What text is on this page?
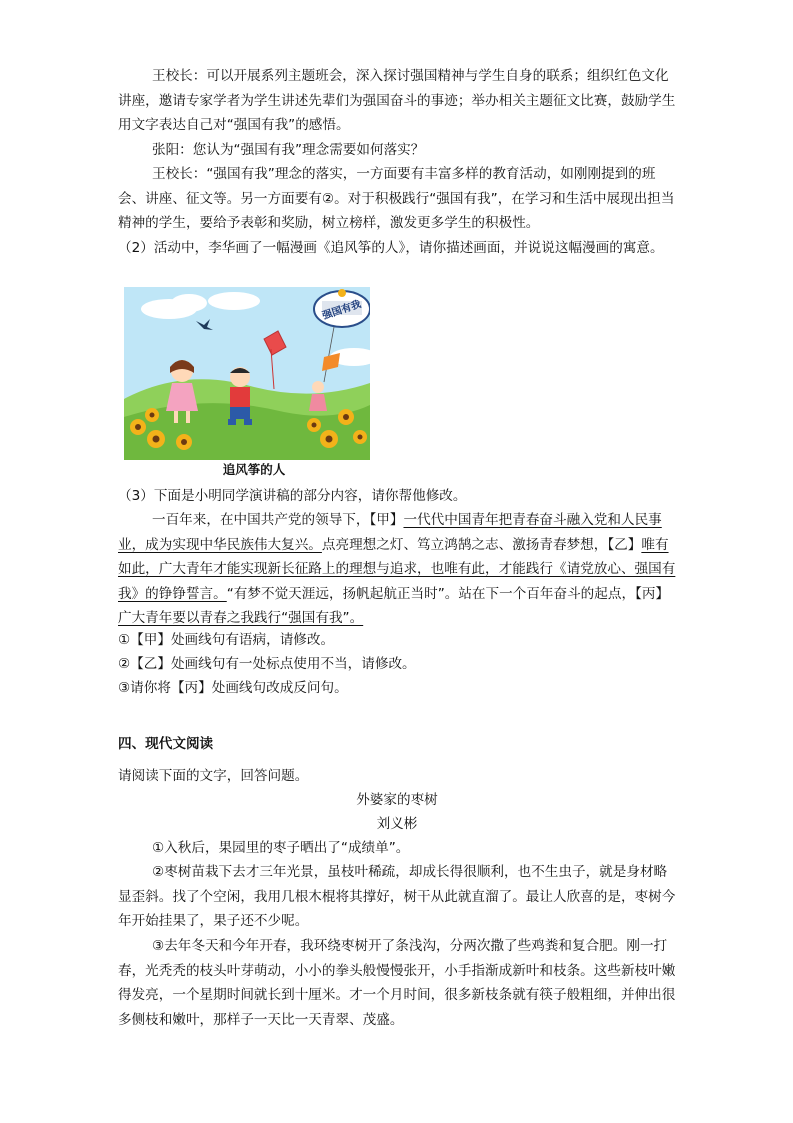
王校长：可以开展系列主题班会，深入探讨强国精神与学生自身的联系；组织红色文化讲座，邀请专家学者为学生讲述先辈们为强国奋斗的事迹；举办相关主题征文比赛，鼓励学生用文字表达自己对“强国有我”的感悟。

张阳：您认为“强国有我”理念需要如何落实？

王校长：“强国有我”理念的落实，一方面要有丰富多样的教育活动，如刚刚提到的班会、讲座、征文等。另一方面要有②。对于积极践行“强国有我”，在学习和生活中展现出担当精神的学生，要给予表彰和奖励，树立榜样，激发更多学生的积极性。

（2）活动中，李华画了一幅漫画《追风筝的人》，请你描述画面，并说说这幅漫画的寓意。

强国有我
追风筝的人

（3）下面是小明同学演讲稿的部分内容，请你帮他修改。

一百年来，在中国共产党的领导下，【甲】一代代中国青年把青春奋斗融入党和人民事业，成为实现中华民族伟大复兴。点亮理想之灯、笃立鸿鹄之志、激扬青春梦想，【乙】唯有如此，广大青年才能实现新长征路上的理想与追求，也唯有此，才能践行《请党放心、强国有我》的铮铮誓言。“有梦不觉天涯远，扬帆起航正当时”。站在下一个百年奋斗的起点，【丙】广大青年要以青春之我践行“强国有我”。

①【甲】处画线句有语病，请修改。

②【乙】处画线句有一处标点使用不当，请修改。

③请你将【丙】处画线句改成反问句。

四、现代文阅读

请阅读下面的文字，回答问题。

外婆家的枣树

刘义彬

①入秋后，果园里的枣子晒出了“成绩单”。

②枣树苗栽下去才三年光景，虽枝叶稀疏，却成长得很顺利，也不生虫子，就是身材略显歪斜。找了个空闲，我用几根木棍将其撑好，树干从此就直溜了。最让人欣喜的是，枣树今年开始挂果了，果子还不少呢。

③去年冬天和今年开春，我环绕枣树开了条浅沟，分两次撒了些鸡粪和复合肥。刚一打春，光秃秃的枝头叶芽萌动，小小的拳头般慢慢张开，小手指渐成新叶和枝条。这些新枝叶嫩得发亮，一个星期时间就长到十厘米。才一个月时间，很多新枝条就有筷子般粗细，并伸出很多侧枝和嫩叶，那样子一天比一天青翠、茂盛。
